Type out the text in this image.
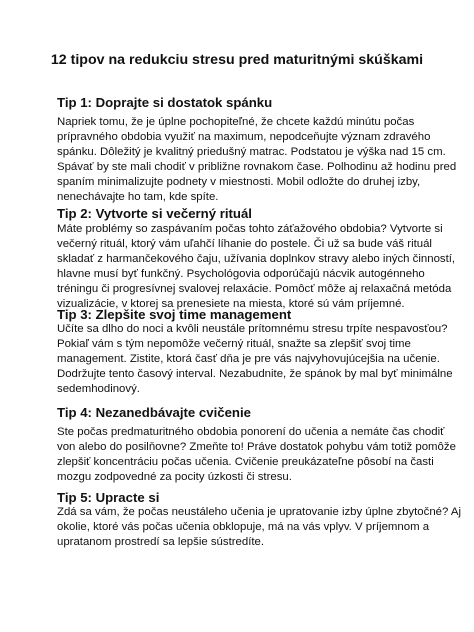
12 tipov na redukciu stresu pred maturitnými skúškami
Tip 1: Doprajte si dostatok spánku
Napriek tomu, že je úplne pochopiteľné, že chcete každú minútu počas
prípravného obdobia využiť na maximum, nepodceňujte význam zdravého
spánku. Dôležitý je kvalitný priedušný matrac. Podstatou je výška nad 15 cm.
Spávať by ste mali chodiť v približne rovnakom čase. Polhodinu až hodinu pred
spaním minimalizujte podnety v miestnosti. Mobil odložte do druhej izby,
nenechávajte ho tam, kde spíte.
Tip 2: Vytvorte si večerný rituál
Máte problémy so zaspávaním počas tohto záťažového obdobia? Vytvorte si
večerný rituál, ktorý vám uľahčí líhanie do postele. Či už sa bude váš rituál
skladať z harmančekového čaju, užívania doplnkov stravy alebo iných činností,
hlavne musí byť funkčný. Psychológovia odporúčajú nácvik autogénneho
tréningu či progresívnej svalovej relaxácie. Pomôcť môže aj relaxačná metóda
vizualizácie, v ktorej sa prenesiete na miesta, ktoré sú vám príjemné.
Tip 3: Zlepšite svoj time management
Učíte sa dlho do noci a kvôli neustále prítomnému stresu trpíte nespavosťou?
Pokiaľ vám s tým nepomôže večerný rituál, snažte sa zlepšiť svoj time
management. Zistite, ktorá časť dňa je pre vás najvyhovujúcejšia na učenie.
Dodržujte tento časový interval. Nezabudnite, že spánok by mal byť minimálne
sedemhodinový.
Tip 4: Nezanedbávajte cvičenie
Ste počas predmaturitného obdobia ponorení do učenia a nemáte čas chodiť
von alebo do posilňovne? Zmeňte to! Práve dostatok pohybu vám totiž pomôže
zlepšiť koncentráciu počas učenia. Cvičenie preukázateľne pôsobí na časti
mozgu zodpovedné za pocity úzkosti či stresu.
Tip 5: Upracte si
Zdá sa vám, že počas neustáleho učenia je upratovanie izby úplne zbytočné? Aj
okolie, ktoré vás počas učenia obklopuje, má na vás vplyv. V príjemnom a
upratanom prostredí sa lepšie sústredíte.
